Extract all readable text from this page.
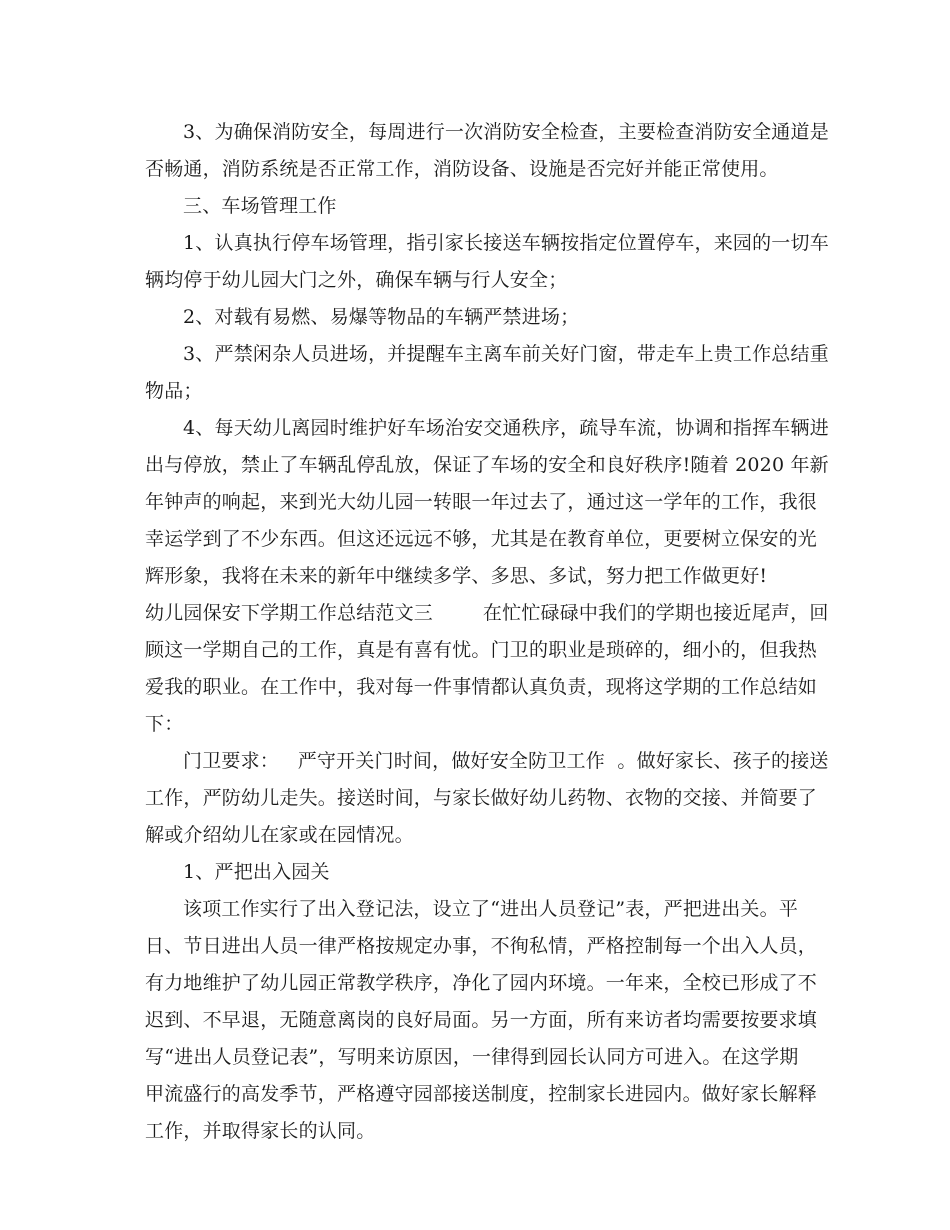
3、为确保消防安全，每周进行一次消防安全检查，主要检查消防安全通道是
否畅通，消防系统是否正常工作，消防设备、设施是否完好并能正常使用。
三、车场管理工作
1、认真执行停车场管理，指引家长接送车辆按指定位置停车，来园的一切车
辆均停于幼儿园大门之外，确保车辆与行人安全；
2、对载有易燃、易爆等物品的车辆严禁进场；
3、严禁闲杂人员进场，并提醒车主离车前关好门窗，带走车上贵工作总结重
物品；
4、每天幼儿离园时维护好车场治安交通秩序，疏导车流，协调和指挥车辆进
出与停放，禁止了车辆乱停乱放，保证了车场的安全和良好秩序!随着 2020 年新
年钟声的响起，来到光大幼儿园一转眼一年过去了，通过这一学年的工作，我很
幸运学到了不少东西。但这还远远不够，尤其是在教育单位，更要树立保安的光
辉形象，我将在未来的新年中继续多学、多思、多试，努力把工作做更好!
幼儿园保安下学期工作总结范文三        在忙忙碌碌中我们的学期也接近尾声，回
顾这一学期自己的工作，真是有喜有忧。门卫的职业是琐碎的，细小的，但我热
爱我的职业。在工作中，我对每一件事情都认真负责，现将这学期的工作总结如
下：
门卫要求：   严守开关门时间，做好安全防卫工作  。做好家长、孩子的接送
工作，严防幼儿走失。接送时间，与家长做好幼儿药物、衣物的交接、并简要了
解或介绍幼儿在家或在园情况。
1、严把出入园关
该项工作实行了出入登记法，设立了“进出人员登记”表，严把进出关。平
日、节日进出人员一律严格按规定办事，不徇私情，严格控制每一个出入人员，
有力地维护了幼儿园正常教学秩序，净化了园内环境。一年来，全校已形成了不
迟到、不早退，无随意离岗的良好局面。另一方面，所有来访者均需要按要求填
写“进出人员登记表”，写明来访原因，一律得到园长认同方可进入。在这学期
甲流盛行的高发季节，严格遵守园部接送制度，控制家长进园内。做好家长解释
工作，并取得家长的认同。
